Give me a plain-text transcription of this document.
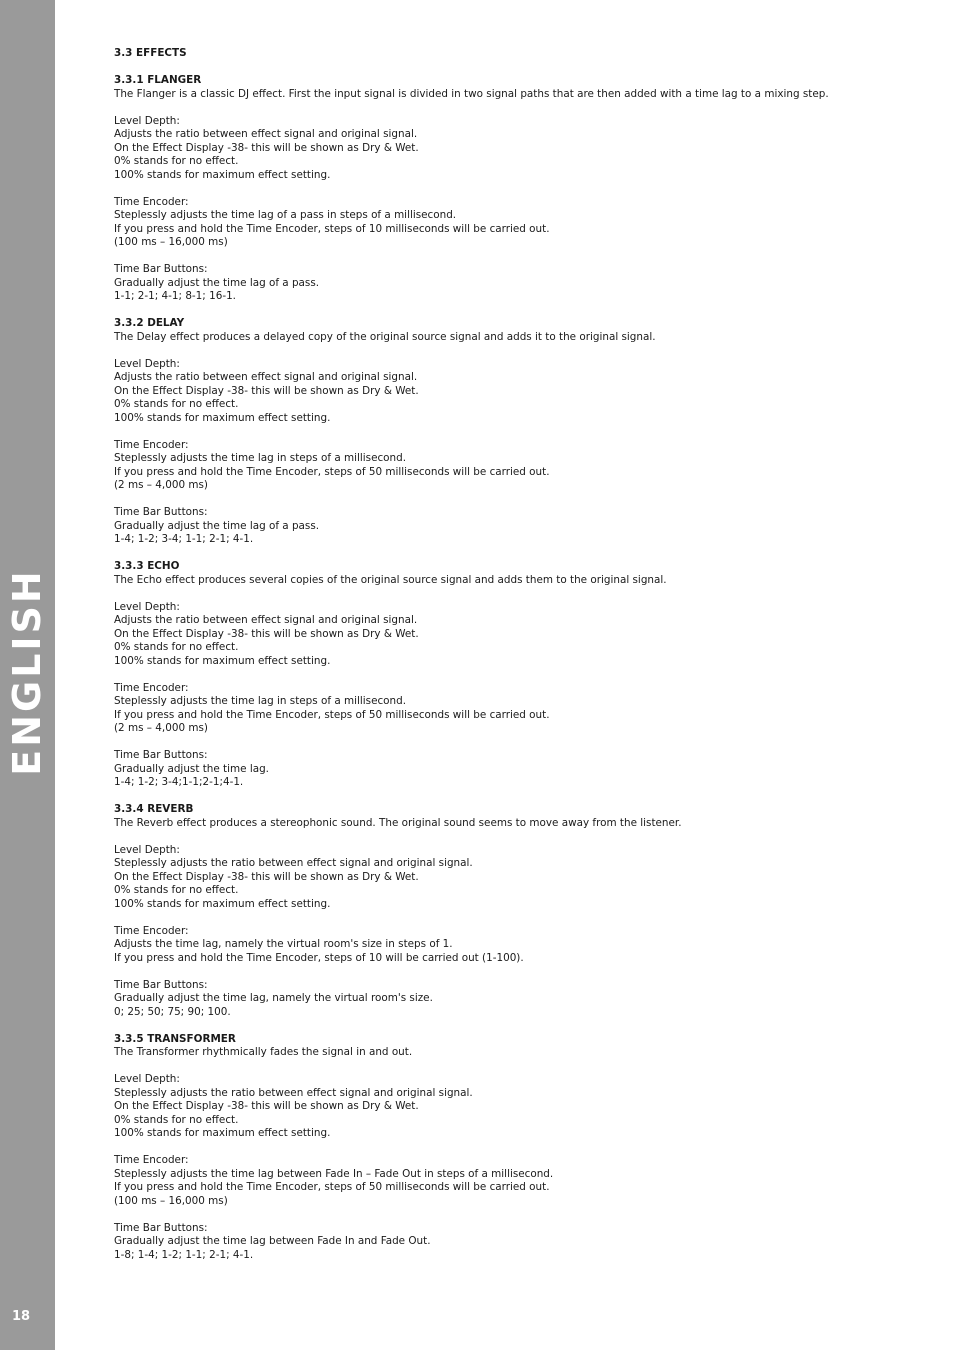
ENGLISH
18
3.3 EFFECTS
3.3.1 FLANGER

The Flanger is a classic DJ effect. First the input signal is divided in two signal paths that are then added with a time lag to a mixing step.

Level Depth:

Adjusts the ratio between effect signal and original signal.

On the Effect Display -38- this will be shown as Dry & Wet.

0% stands for no effect.

100% stands for maximum effect setting.

Time Encoder:

Steplessly adjusts the time lag of a pass in steps of a millisecond.

If you press and hold the Time Encoder, steps of 10 milliseconds will be carried out.

(100 ms – 16,000 ms)

Time Bar Buttons:

Gradually adjust the time lag of a pass.

1-1; 2-1; 4-1; 8-1; 16-1.

3.3.2 DELAY

The Delay effect produces a delayed copy of the original source signal and adds it to the original signal.

Level Depth:

Adjusts the ratio between effect signal and original signal.

On the Effect Display -38- this will be shown as Dry & Wet.

0% stands for no effect.

100% stands for maximum effect setting.

Time Encoder:

Steplessly adjusts the time lag in steps of a millisecond.

If you press and hold the Time Encoder, steps of 50 milliseconds will be carried out.

(2 ms – 4,000 ms)

Time Bar Buttons:

Gradually adjust the time lag of a pass.

1-4; 1-2; 3-4; 1-1; 2-1; 4-1.

3.3.3 ECHO

The Echo effect produces several copies of the original source signal and adds them to the original signal.

Level Depth:

Adjusts the ratio between effect signal and original signal.

On the Effect Display -38- this will be shown as Dry & Wet.

0% stands for no effect.

100% stands for maximum effect setting.

Time Encoder:

Steplessly adjusts the time lag in steps of a millisecond.

If you press and hold the Time Encoder, steps of 50 milliseconds will be carried out.

(2 ms – 4,000 ms)

Time Bar Buttons:

Gradually adjust the time lag.

1-4; 1-2; 3-4;1-1;2-1;4-1.

3.3.4 REVERB

The Reverb effect produces a stereophonic sound. The original sound seems to move away from the listener.

Level Depth:

Steplessly adjusts the ratio between effect signal and original signal.

On the Effect Display -38- this will be shown as Dry & Wet.

0% stands for no effect.

100% stands for maximum effect setting.

Time Encoder:

Adjusts the time lag, namely the virtual room's size in steps of 1.

If you press and hold the Time Encoder, steps of 10 will be carried out (1-100).

Time Bar Buttons:

Gradually adjust the time lag, namely the virtual room's size.

0; 25; 50; 75; 90; 100.

3.3.5 TRANSFORMER

The Transformer rhythmically fades the signal in and out.

Level Depth:

Steplessly adjusts the ratio between effect signal and original signal.

On the Effect Display -38- this will be shown as Dry & Wet.

0% stands for no effect.

100% stands for maximum effect setting.

Time Encoder:

Steplessly adjusts the time lag between Fade In – Fade Out in steps of a millisecond.

If you press and hold the Time Encoder, steps of 50 milliseconds will be carried out.

(100 ms – 16,000 ms)

Time Bar Buttons:

Gradually adjust the time lag between Fade In and Fade Out.

1-8; 1-4; 1-2; 1-1; 2-1; 4-1.
